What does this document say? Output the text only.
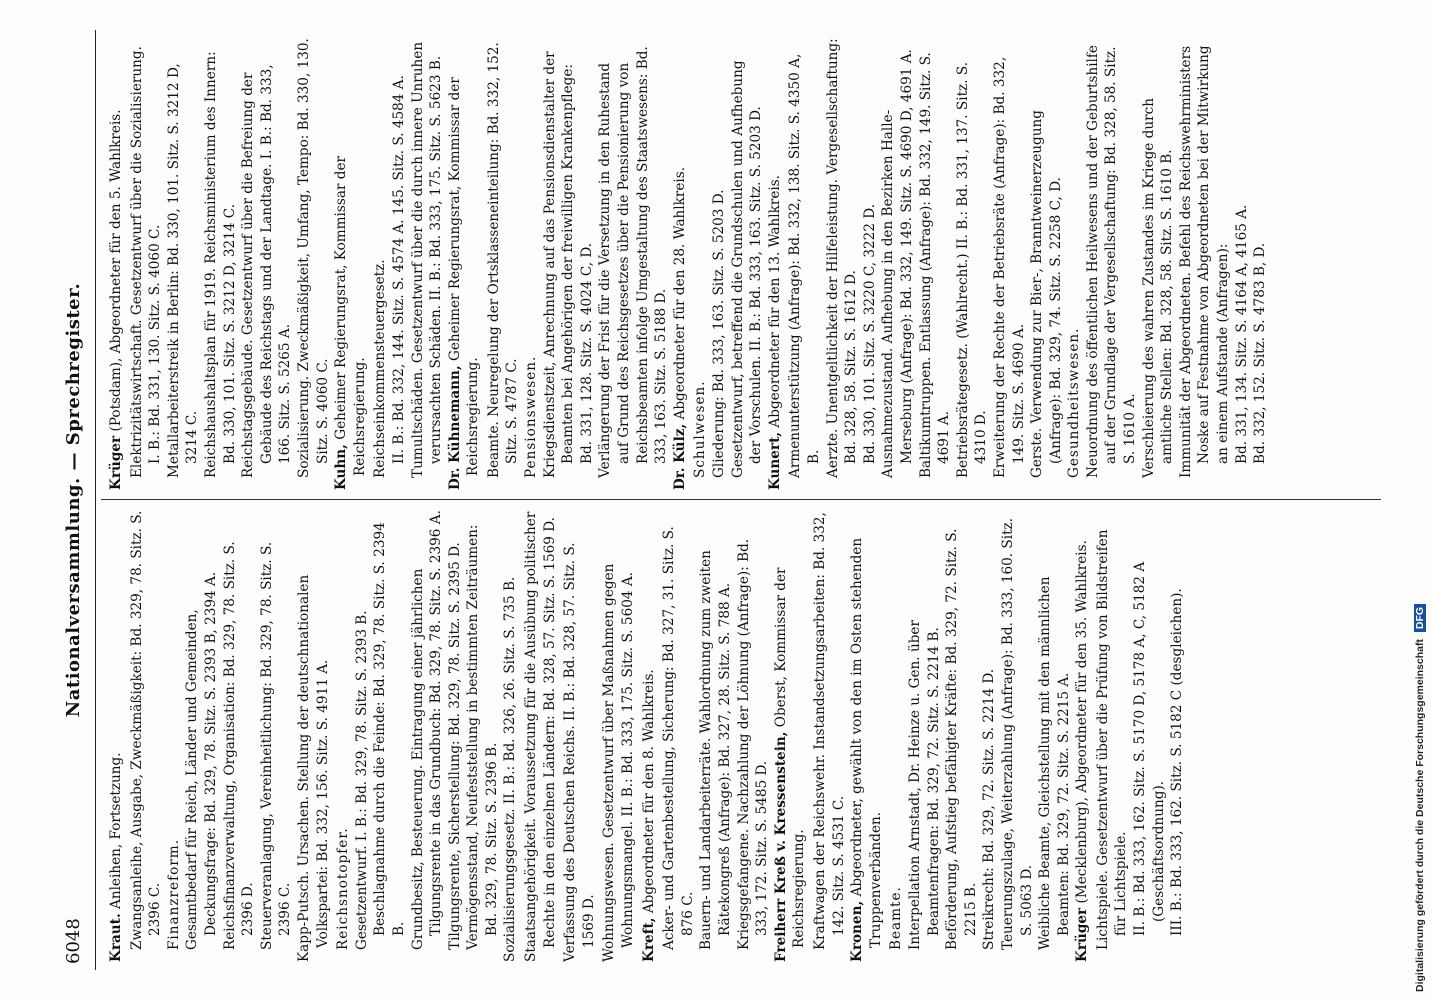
6048
Nationalversammlung. — Sprechregister.

Kraut. Anleihen, Fortsetzung. Zwangsanleihe, Ausgabe, Zweckmäßigkeit: Bd. 329, 78. Sitz. S. 2396 C. Finanzreform. Gesamtbedarf für Reich, Länder und Gemeinden, Deckungsfrage: Bd. 329, 78. Sitz. S. 2393 B, 2394 A. Reichsfinanzverwaltung, Organisation: Bd. 329, 78. Sitz. S. 2396 D. Steuerveranlagung, Vereinheitlichung: Bd. 329, 78. Sitz. S. 2396 C. Kapp-Putsch. Ursachen. Stellung der deutschnationalen Volkspartei: Bd. 332, 156. Sitz. S. 4911 A. Reichsnotopfer. Gesetzentwurf. I. B.: Bd. 329, 78. Sitz. S. 2393 B. Beschlagnahme durch die Feinde: Bd. 329, 78. Sitz. S. 2394 B. Grundbesitz, Besteuerung. Eintragung einer jährlichen Tilgungsrente in das Grundbuch: Bd. 329, 78. Sitz. S. 2396 A. Tilgungsrente, Sicherstellung: Bd. 329, 78. Sitz. S. 2395 D. Vermögensstand, Neufeststellung in bestimmten Zeiträumen: Bd. 329, 78. Sitz. S. 2396 B. Sozialisierungsgesetz. II. B.: Bd. 326, 26. Sitz. S. 735 B. Staatsangehörigkeit. Voraussetzung für die Ausübung politischer Rechte in den einzelnen Ländern: Bd. 328, 57. Sitz. S. 1569 D. Verfassung des Deutschen Reichs. II. B.: Bd. 328, 57. Sitz. S. 1569 D. Wohnungswesen. Gesetzentwurf über Maßnahmen gegen Wohnungsmangel. II. B.: Bd. 333, 175. Sitz. S. 5604 A. Kreft, Abgeordneter für den 8. Wahlkreis. Acker- und Gartenbestellung, Sicherung: Bd. 327, 31. Sitz. S. 876 C. Bauern- und Landarbeiterräte. Wahlordnung zum zweiten Rätekongreß (Anfrage): Bd. 327, 28. Sitz. S. 788 A. Kriegsgefangene. Nachzahlung der Löhnung (Anfrage): Bd. 333, 172. Sitz. S. 5485 D. Freiherr Kreß v. Kressenstein, Oberst, Kommissar der Reichsregierung. Kraftwagen der Reichswehr. Instandsetzungsarbeiten: Bd. 332, 142. Sitz. S. 4531 C. Kronen, Abgeordneter, gewählt von den im Osten stehenden Truppenverbänden. Beamte. Interpellation Arnstadt, Dr. Heinze u. Gen. über Beamtenfragen: Bd. 329, 72. Sitz. S. 2214 B. Beförderung, Aufstieg befähigter Kräfte: Bd. 329, 72. Sitz. S. 2215 B. Streikrecht: Bd. 329, 72. Sitz. S. 2214 D. Teuerungszulage, Weiterzahlung (Anfrage): Bd. 333, 160. Sitz. S. 5063 D. Weibliche Beamte, Gleichstellung mit den männlichen Beamten: Bd. 329, 72. Sitz. S. 2215 A. Krüger (Mecklenburg), Abgeordneter für den 35. Wahlkreis. Lichtspiele. Gesetzentwurf über die Prüfung von Bildstreifen für Lichtspiele. II. B.: Bd. 333, 162. Sitz. S. 5170 D, 5178 A, C, 5182 A (Geschäftsordnung). III. B.: Bd. 333, 162. Sitz. S. 5182 C (desgleichen).

Krüger (Potsdam), Abgeordneter für den 5. Wahlkreis. Elektrizitätswirtschaft. Gesetzentwurf über die Sozialisierung. I. B.: Bd. 331, 130. Sitz. S. 4060 C. Metallarbeiterstreik in Berlin: Bd. 330, 101. Sitz. S. 3212 D, 3214 C. Reichshaushaltsplan für 1919. Reichsministerium des Innern: Bd. 330, 101. Sitz. S. 3212 D, 3214 C. Reichstagsgebäude. Gesetzentwurf über die Befreiung der Gebäude des Reichstags und der Landtage. I. B.: Bd. 333, 166. Sitz. S. 5265 A. Sozialisierung. Zweckmäßigkeit, Umfang, Tempo: Bd. 330, 130. Sitz. S. 4060 C.

Kuhn, Geheimer Regierungsrat, Kommissar der Reichsregierung. Reichseinkommensteuergesetz. II. B.: Bd. 332, 144. Sitz. S. 4574 A. 145. Sitz. S. 4584 A. Tumultschäden. Gesetzentwurf über die durch innere Unruhen verursachten Schäden. II. B.: Bd. 333, 175. Sitz. S. 5623 B. Dr. Kühnemann, Geheimer Regierungsrat, Kommissar der Reichsregierung. Beamte. Neuregelung der Ortsklasseneinteilung: Bd. 332, 152. Sitz. S. 4787 C. Pensionswesen. Kriegsdienstzeit, Anrechnung auf das Pensionsdienstalter der Beamten bei Angehörigen der freiwilligen Krankenpflege: Bd. 331, 128. Sitz. S. 4024 C, D. Verlängerung der Frist für die Versetzung in den Ruhestand auf Grund des Reichsgesetzes über die Pensionierung von Reichsbeamten infolge Umgestaltung des Staatswesens: Bd. 333, 163. Sitz. S. 5188 D. Dr. Külz, Abgeordneter für den 28. Wahlkreis.

Schulwesen. Gliederung: Bd. 333, 163. Sitz. S. 5203 D. Gesetzentwurf, betreffend die Grundschulen und Aufhebung der Vorschulen. II. B.: Bd. 333, 163. Sitz. S. 5203 D. Kunert, Abgeordneter für den 13. Wahlkreis. Armenunterstützung (Anfrage): Bd. 332, 138. Sitz. S. 4350 A, B. Aerzte. Unentgeltlichkeit der Hilfeleistung. Vergesellschaftung: Bd. 328, 58. Sitz. S. 1612 D. Bd. 330, 101. Sitz. S. 3220 C, 3222 D. Ausnahmezustand. Aufhebung in den Bezirken Halle-Merseburg (Anfrage): Bd. 332, 149. Sitz. S. 4690 D, 4691 A. Baltikumtruppen. Entlassung (Anfrage): Bd. 332, 149. Sitz. S. 4691 A. Betriebsrätegesetz. (Wahlrecht.) II. B.: Bd. 331, 137. Sitz. S. 4310 D. Erweiterung der Rechte der Betriebsräte (Anfrage): Bd. 332, 149. Sitz. S. 4690 A. Gerste. Verwendung zur Bier-, Branntweinerzeugung (Anfrage): Bd. 329, 74. Sitz. S. 2258 C, D. Gesundheitswesen. Neuordnung des öffentlichen Heilwesens und der Geburtshilfe auf der Grundlage der Vergesellschaftung: Bd. 328, 58. Sitz. S. 1610 A. Verschleierung des wahren Zustandes im Kriege durch amtliche Stellen: Bd. 328, 58. Sitz. S. 1610 B. Immunität der Abgeordneten. Befehl des Reichswehrministers Noske auf Festnahme von Abgeordneten bei der Mitwirkung an einem Aufstande (Anfragen): Bd. 331, 134. Sitz. S. 4164 A, 4165 A. Bd. 332, 152. Sitz. S. 4783 B, D.

Digitalisierung gefördert durch die Deutsche Forschungsgemeinschaft DFG
